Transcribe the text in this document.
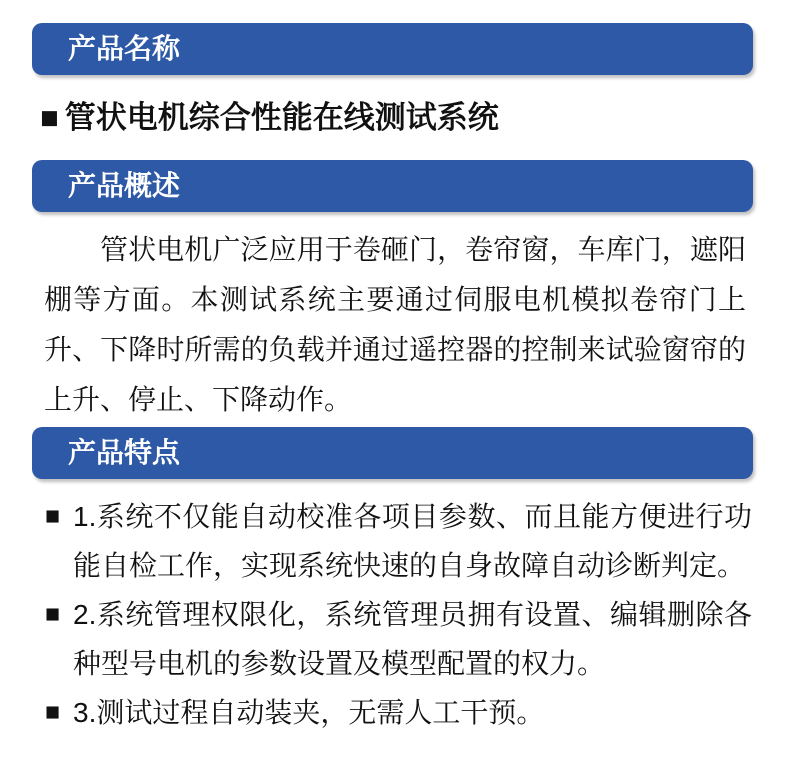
产品名称
■ 管状电机综合性能在线测试系统
产品概述

管状电机广泛应用于卷砸门，卷帘窗，车库门，遮阳棚等方面。本测试系统主要通过伺服电机模拟卷帘门上升、下降时所需的负载并通过遥控器的控制来试验窗帘的上升、停止、下降动作。

产品特点
■ 1.系统不仅能自动校准各项目参数、而且能方便进行功能自检工作，实现系统快速的自身故障自动诊断判定。
■ 2.系统管理权限化，系统管理员拥有设置、编辑删除各种型号电机的参数设置及模型配置的权力。
■ 3.测试过程自动装夹，无需人工干预。
